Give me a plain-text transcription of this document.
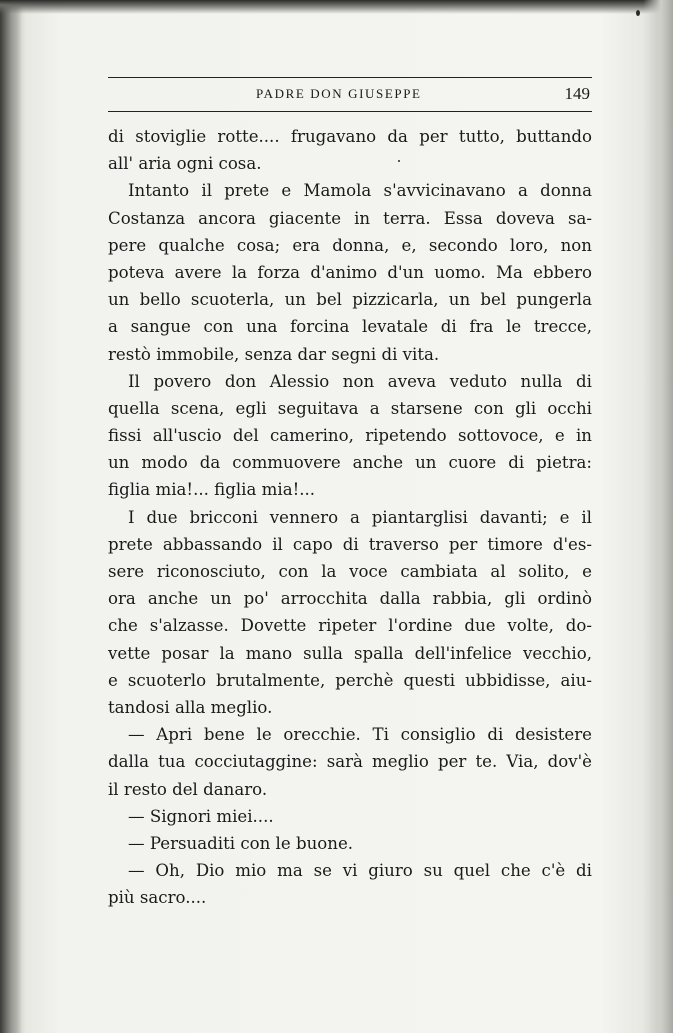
PADRE DON GIUSEPPE	149
di stoviglie rotte.... frugavano da per tutto, buttando
all' aria ogni cosa.
Intanto il prete e Mamola s'avvicinavano a donna
Costanza ancora giacente in terra. Essa doveva sa-
pere qualche cosa; era donna, e, secondo loro, non
poteva avere la forza d'animo d'un uomo. Ma ebbero
un bello scuoterla, un bel pizzicarla, un bel pungerla
a sangue con una forcina levatale di fra le trecce,
restò immobile, senza dar segni di vita.
Il povero don Alessio non aveva veduto nulla di
quella scena, egli seguitava a starsene con gli occhi
fissi all'uscio del camerino, ripetendo sottovoce, e in
un modo da commuovere anche un cuore di pietra:
figlia mia!... figlia mia!...
I due bricconi vennero a piantarglisi davanti; e il
prete abbassando il capo di traverso per timore d'es-
sere riconosciuto, con la voce cambiata al solito, e
ora anche un po' arrocchita dalla rabbia, gli ordinò
che s'alzasse. Dovette ripeter l'ordine due volte, do-
vette posar la mano sulla spalla dell'infelice vecchio,
e scuoterlo brutalmente, perchè questi ubbidisse, aiu-
tandosi alla meglio.
— Apri bene le orecchie. Ti consiglio di desistere
dalla tua cocciutaggine: sarà meglio per te. Via, dov'è
il resto del danaro.
— Signori miei....
— Persuaditi con le buone.
— Oh, Dio mio ma se vi giuro su quel che c'è di
più sacro....
